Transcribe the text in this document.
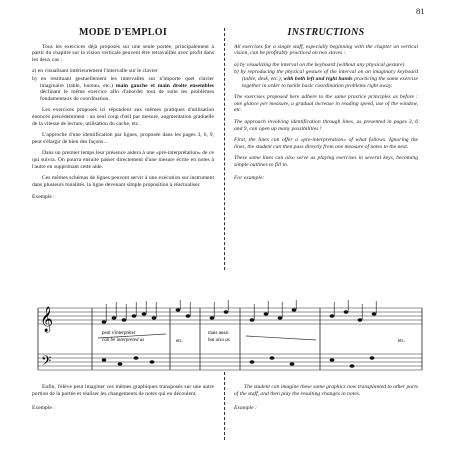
81
MODE D'EMPLOI

Tous les exercices déjà proposés sur une seule portée, principalement à partir du chapitre sur la vision verticale peuvent être retravaillés avec profit dans les deux cas :

a) en visualisant intérieurement l'intervalle sur le clavier
b) en restituant gestuellement les intervalles sur n'importe quel clavier imaginaire (table, bureau, etc.) main gauche et main droite ensembles déclinant le même exercice afin d'aborder tout de suite les problèmes fondamentaux de coordination.

Les exercices proposés ici répondent aux mêmes pratiques d'utilisation énoncés précédemment : un seul coup d'œil par mesure, augmentation graduelle de la vitesse de lecture, utilisation du cache, etc.

L'approche d'une identification par lignes, proposée dans les pages 3, 6, 9, peut s'élargir de bien des façons…

Dans un premier temps leur présence aidera à une «pré-interprétation» de ce qui suivra. On pourra ensuite passer directement d'une mesure écrite en notes à l'autre en supprimant cette aide.

Ces mêmes schémas de lignes peuvent servir à une exécution sur instrument dans plusieurs tonalités, la ligne devenant simple proposition à réactualiser.

Exemple :

INSTRUCTIONS

All exercises for a single staff, especially beginning with the chapter on vertical vision, can be profitably practiced on two staves :

a) by visualizing the interval on the keyboard (without any physical gesture)
b) by reproducing the physical gesture of the interval on an imaginary keyboard (table, desk, etc.), with both left and right hands practicing the same exercise together in order to tackle basic coordination problems right away.

The exercises proposed here adhere to the same practice principles as before : one glance per measure, a gradual increase in reading speed, use of the window, etc.

The approach involving identification through lines, as presented in pages 3, 6 and 9, can open up many possibilities !

First, the lines can offer a «pre-interpretation» of what follows. Ignoring the lines, the student can then pass directly from one measure of notes to the next.

These same lines can also serve as playing exercises in several keys, becoming simple outlines to fill in.

For example:

𝄞
𝄢
peut s'interpréter
can be interpreted as
mais aussi
but also as	etc.
etc.

Enfin, l'élève peut imaginer ces mêmes graphiques transposés sur une autre portion de la portée et réaliser les changements de notes qui en découlent.

Exemple :

The student can imagine these same graphics now transplanted to other parts of the staff, and then play the resulting changes in notes.

Example :
